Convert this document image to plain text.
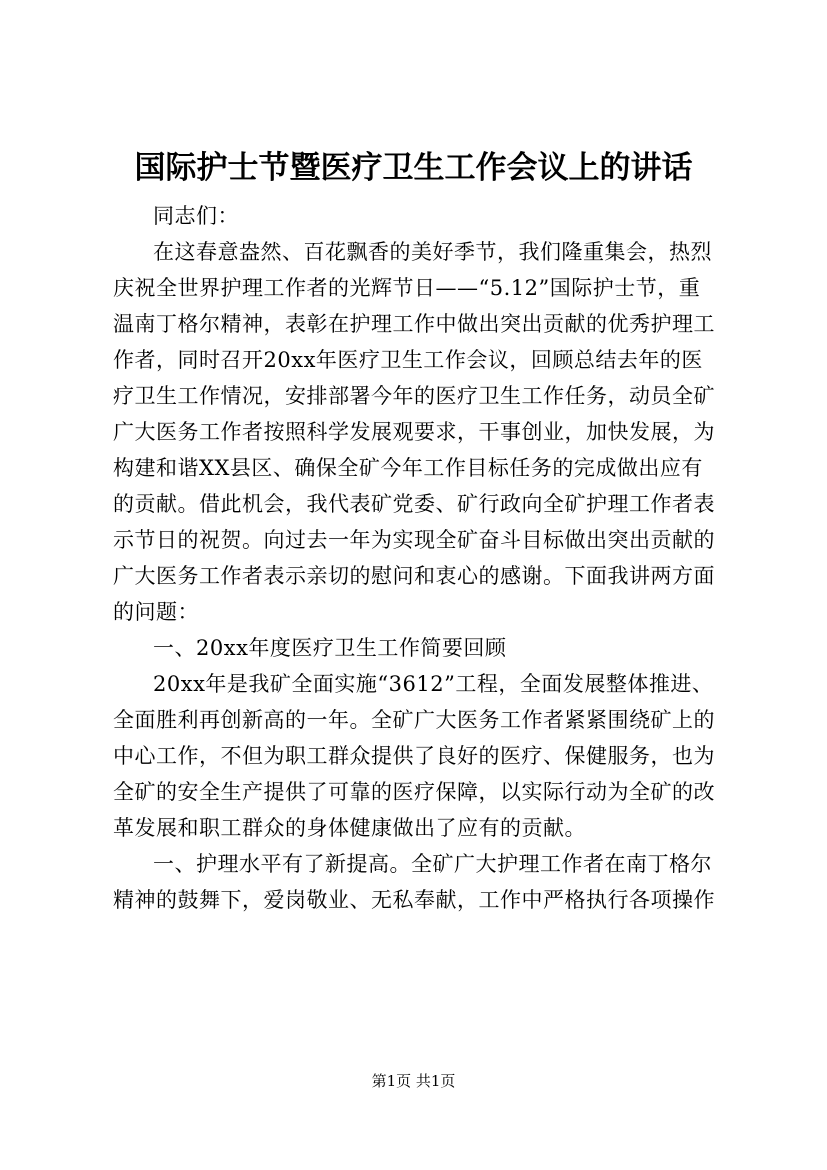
国际护士节暨医疗卫生工作会议上的讲话
同志们：
在这春意盎然、百花飘香的美好季节，我们隆重集会，热烈
庆祝全世界护理工作者的光辉节日——“5.12”国际护士节，重
温南丁格尔精神，表彰在护理工作中做出突出贡献的优秀护理工
作者，同时召开20xx年医疗卫生工作会议，回顾总结去年的医
疗卫生工作情况，安排部署今年的医疗卫生工作任务，动员全矿
广大医务工作者按照科学发展观要求，干事创业，加快发展，为
构建和谐XX县区、确保全矿今年工作目标任务的完成做出应有
的贡献。借此机会，我代表矿党委、矿行政向全矿护理工作者表
示节日的祝贺。向过去一年为实现全矿奋斗目标做出突出贡献的
广大医务工作者表示亲切的慰问和衷心的感谢。下面我讲两方面
的问题：
一、20xx年度医疗卫生工作简要回顾
20xx年是我矿全面实施“3612”工程，全面发展整体推进、
全面胜利再创新高的一年。全矿广大医务工作者紧紧围绕矿上的
中心工作，不但为职工群众提供了良好的医疗、保健服务，也为
全矿的安全生产提供了可靠的医疗保障，以实际行动为全矿的改
革发展和职工群众的身体健康做出了应有的贡献。
一、护理水平有了新提高。全矿广大护理工作者在南丁格尔
精神的鼓舞下，爱岗敬业、无私奉献，工作中严格执行各项操作
第1页 共1页
